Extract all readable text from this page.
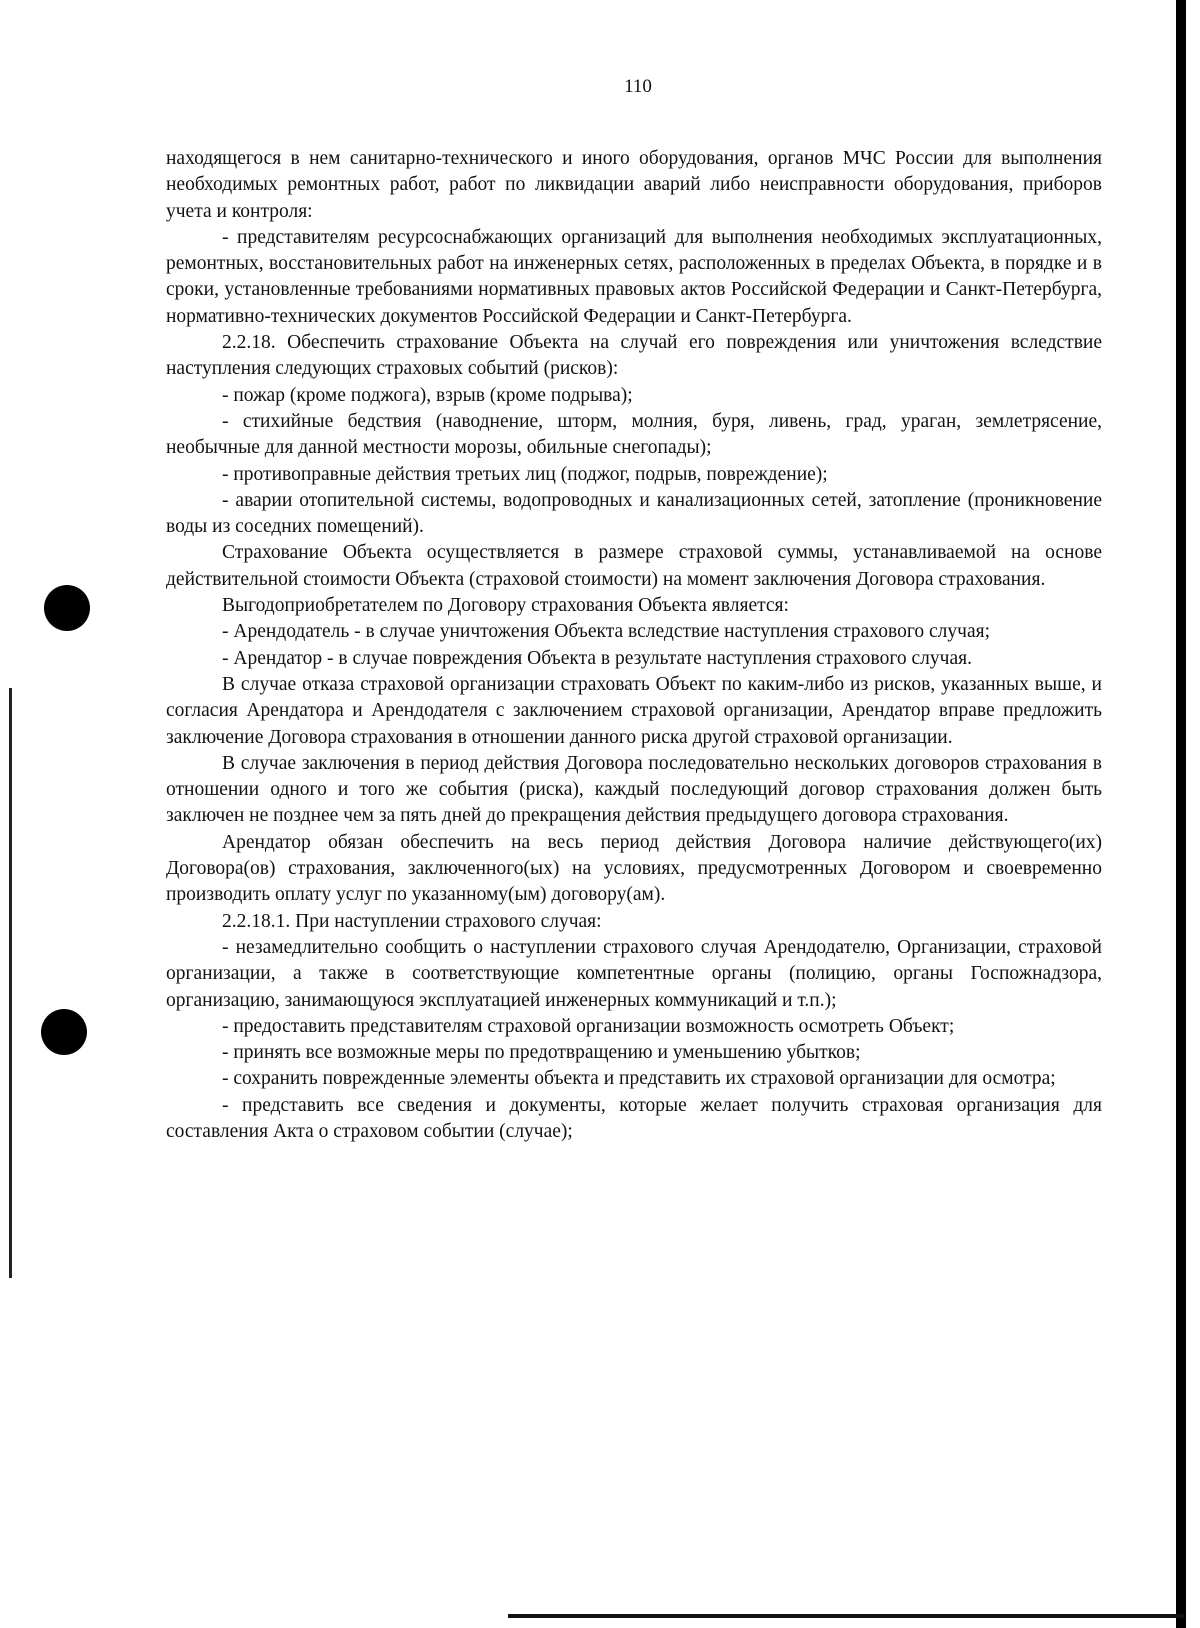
110

находящегося в нем санитарно-технического и иного оборудования, органов МЧС России для выполнения необходимых ремонтных работ, работ по ликвидации аварий либо неисправности оборудования, приборов учета и контроля:

- представителям ресурсоснабжающих организаций для выполнения необходимых эксплуатационных, ремонтных, восстановительных работ на инженерных сетях, расположенных в пределах Объекта, в порядке и в сроки, установленные требованиями нормативных правовых актов Российской Федерации и Санкт-Петербурга, нормативно-технических документов Российской Федерации и Санкт-Петербурга.

2.2.18. Обеспечить страхование Объекта на случай его повреждения или уничтожения вследствие наступления следующих страховых событий (рисков):

- пожар (кроме поджога), взрыв (кроме подрыва);

- стихийные бедствия (наводнение, шторм, молния, буря, ливень, град, ураган, землетрясение, необычные для данной местности морозы, обильные снегопады);

- противоправные действия третьих лиц (поджог, подрыв, повреждение);

- аварии отопительной системы, водопроводных и канализационных сетей, затопление (проникновение воды из соседних помещений).

Страхование Объекта осуществляется в размере страховой суммы, устанавливаемой на основе действительной стоимости Объекта (страховой стоимости) на момент заключения Договора страхования.

Выгодоприобретателем по Договору страхования Объекта является:

- Арендодатель - в случае уничтожения Объекта вследствие наступления страхового случая;

- Арендатор - в случае повреждения Объекта в результате наступления страхового случая.

В случае отказа страховой организации страховать Объект по каким-либо из рисков, указанных выше, и согласия Арендатора и Арендодателя с заключением страховой организации, Арендатор вправе предложить заключение Договора страхования в отношении данного риска другой страховой организации.

В случае заключения в период действия Договора последовательно нескольких договоров страхования в отношении одного и того же события (риска), каждый последующий договор страхования должен быть заключен не позднее чем за пять дней до прекращения действия предыдущего договора страхования.

Арендатор обязан обеспечить на весь период действия Договора наличие действующего(их) Договора(ов) страхования, заключенного(ых) на условиях, предусмотренных Договором и своевременно производить оплату услуг по указанному(ым) договору(ам).

2.2.18.1. При наступлении страхового случая:

- незамедлительно сообщить о наступлении страхового случая Арендодателю, Организации, страховой организации, а также в соответствующие компетентные органы (полицию, органы Госпожнадзора, организацию, занимающуюся эксплуатацией инженерных коммуникаций и т.п.);

- предоставить представителям страховой организации возможность осмотреть Объект;

- принять все возможные меры по предотвращению и уменьшению убытков;

- сохранить поврежденные элементы объекта и представить их страховой организации для осмотра;

- представить все сведения и документы, которые желает получить страховая организация для составления Акта о страховом событии (случае);
